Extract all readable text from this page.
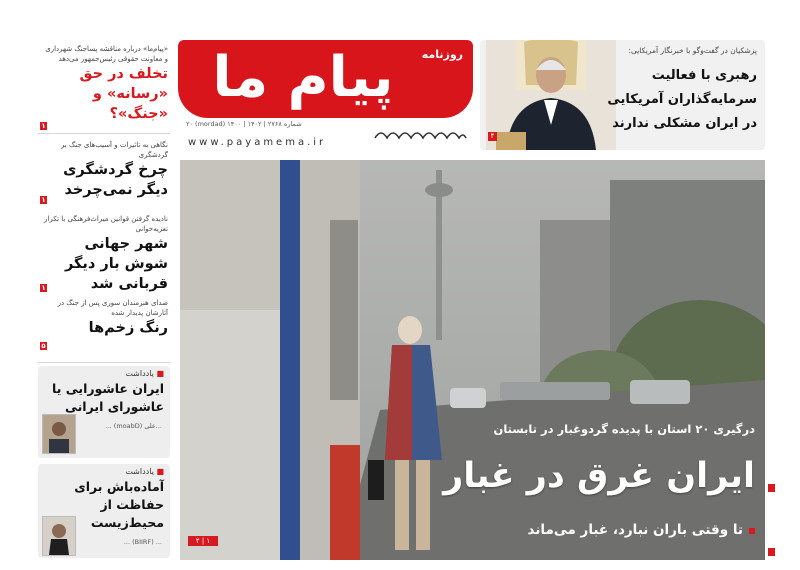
«پیام‌ما» درباره مناقشه پساجنگ شهرداری و معاونت حقوقی رئیس‌جمهور می‌دهد
تخلف در حق «رسانه» و «جنگ»؟
۱
نگاهی به تاثیرات و آسیب‌های جنگ بر گردشگری
چرخ گردشگری دیگر نمی‌چرخد
۱
نادیده گرفتن قوانین میراث‌فرهنگی با تکرار تعزیه‌خوانی
شهر جهانی شوش بار دیگر قربانی شد
۱
صدای هنرمندان سوری پس از جنگ در آثارشان پدیدار شده
رنگ زخم‌ها
۵
■ یادداشت
ایران عاشورایی یا عاشورای ایرانی
...علی (moabD) ...
■ یادداشت
آماده‌باش برای حفاظت از محیط‌زیست
... (BIIRF) ...
پیام ما	روزنامه
۲۰ (mordad) ۱۴۰۰ | ۱۴۰۲ | شماره ۲۷۶۸
www.payamema.ir
پزشکیان در گفت‌وگو با خبرنگار آمریکایی:
رهبری با فعالیت سرمایه‌گذاران آمریکایی در ایران مشکلی ندارند
۴
درگیری ۲۰ استان با پدیده گردوغبار در تابستان
ایران غرق در غبار
تا وقتی باران نبارد، غبار می‌ماند
۱ | ۴
